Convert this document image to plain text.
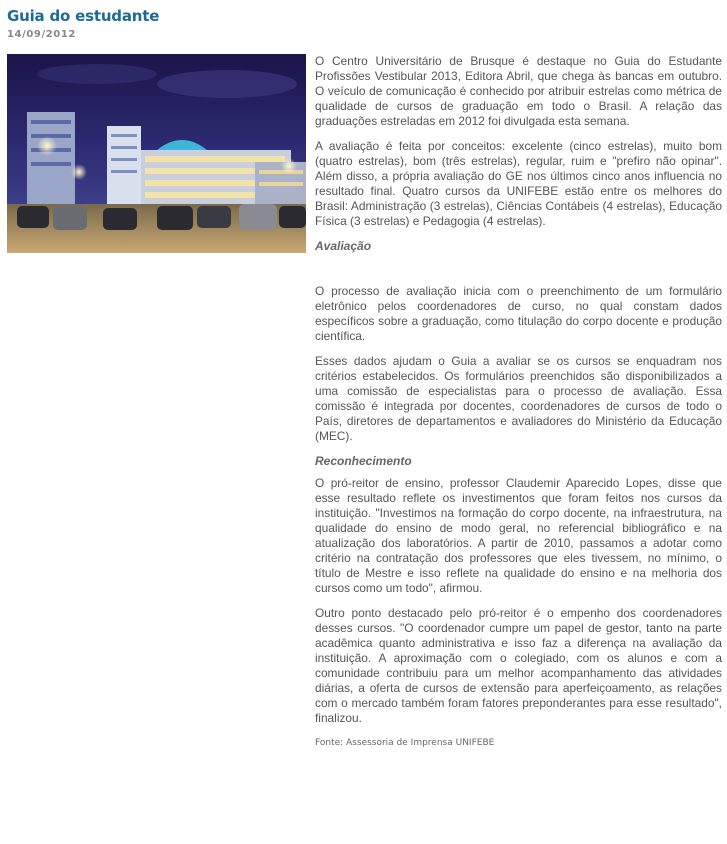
Guia do estudante
14/09/2012

O Centro Universitário de Brusque é destaque no Guia do Estudante Profissões Vestibular 2013, Editora Abril, que chega às bancas em outubro. O veículo de comunicação é conhecido por atribuir estrelas como métrica de qualidade de cursos de graduação em todo o Brasil. A relação das graduações estreladas em 2012 foi divulgada esta semana.

A avaliação é feita por conceitos: excelente (cinco estrelas), muito bom (quatro estrelas), bom (três estrelas), regular, ruim e "prefiro não opinar". Além disso, a própria avaliação do GE nos últimos cinco anos influencia no resultado final. Quatro cursos da UNIFEBE estão entre os melhores do Brasil: Administração (3 estrelas), Ciências Contábeis (4 estrelas), Educação Física (3 estrelas) e Pedagogia (4 estrelas).

Avaliação

O processo de avaliação inicia com o preenchimento de um formulário eletrônico pelos coordenadores de curso, no qual constam dados específicos sobre a graduação, como titulação do corpo docente e produção científica.

Esses dados ajudam o Guia a avaliar se os cursos se enquadram nos critérios estabelecidos. Os formulários preenchidos são disponibilizados a uma comissão de especialistas para o processo de avaliação. Essa comissão é integrada por docentes, coordenadores de cursos de todo o País, diretores de departamentos e avaliadores do Ministério da Educação (MEC).

Reconhecimento

O pró-reitor de ensino, professor Claudemir Aparecido Lopes, disse que esse resultado reflete os investimentos que foram feitos nos cursos da instituição. "Investimos na formação do corpo docente, na infraestrutura, na qualidade do ensino de modo geral, no referencial bibliográfico e na atualização dos laboratórios. A partir de 2010, passamos a adotar como critério na contratação dos professores que eles tivessem, no mínimo, o título de Mestre e isso reflete na qualidade do ensino e na melhoria dos cursos como um todo", afirmou.

Outro ponto destacado pelo pró-reitor é o empenho dos coordenadores desses cursos. "O coordenador cumpre um papel de gestor, tanto na parte acadêmica quanto administrativa e isso faz a diferença na avaliação da instituição. A aproximação com o colegiado, com os alunos e com a comunidade contribuiu para um melhor acompanhamento das atividades diárias, a oferta de cursos de extensão para aperfeiçoamento, as relações com o mercado também foram fatores preponderantes para esse resultado", finalizou.

Fonte: Assessoria de Imprensa UNIFEBE
